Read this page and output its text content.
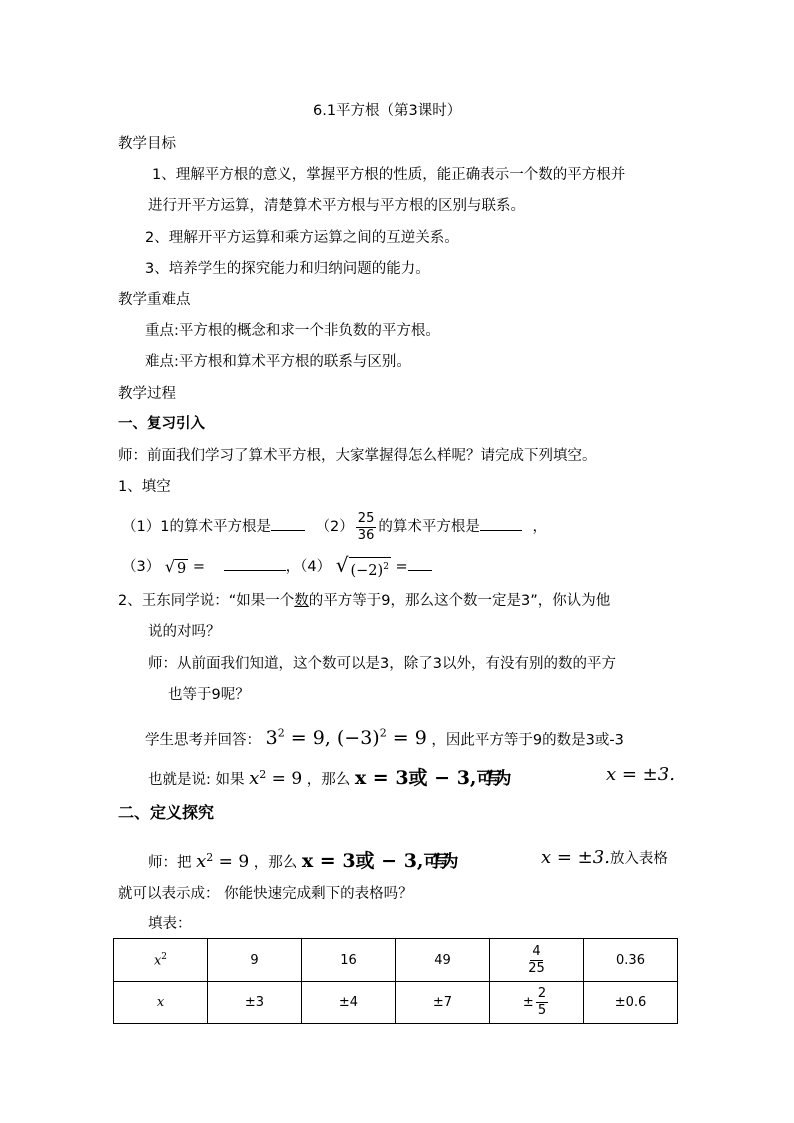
6.1平方根（第3课时）
教学目标
1、理解平方根的意义，掌握平方根的性质，能正确表示一个数的平方根并
进行开平方运算，清楚算术平方根与平方根的区别与联系。
2、理解开平方运算和乘方运算之间的互逆关系。
3、培养学生的探究能力和归纳问题的能力。
教学重难点
重点:平方根的概念和求一个非负数的平方根。
难点:平方根和算术平方根的联系与区别。
教学过程
一、复习引入
师：前面我们学习了算术平方根，大家掌握得怎么样呢？请完成下列填空。
1、填空
（1）1的算术平方根是	$(2) \frac{25}{36}$ 的算术平方根是	，
（3） √ 9 =	，（4） √ $(-2)^2$ =
2、王东同学说：“如果一个数的平方等于9，那么这个数一定是3”，你认为他
说的对吗？
师：从前面我们知道，这个数可以是3，除了3以外，有没有别的数的平方
也等于9呢？
学生思考并回答： $3^2 = 9$, $(-3)^2 = 9$ ，因此平方等于9的数是3或-3
也就是说: 如果 $x^2 = 9$ ，那么 x = 3或 − 3,可写为	x = ±3.
二、定义探究
师：把 $x^2 = 9$ ，那么 x = 3或 − 3,可写为	x = ±3.放入表格
就可以表示成： 你能快速完成剩下的表格吗？
填表：
$x^2$	9	16	49	$\frac{4}{25}$	0.36
x	±3	±4	±7	± $\frac{2}{5}$	±0.6
